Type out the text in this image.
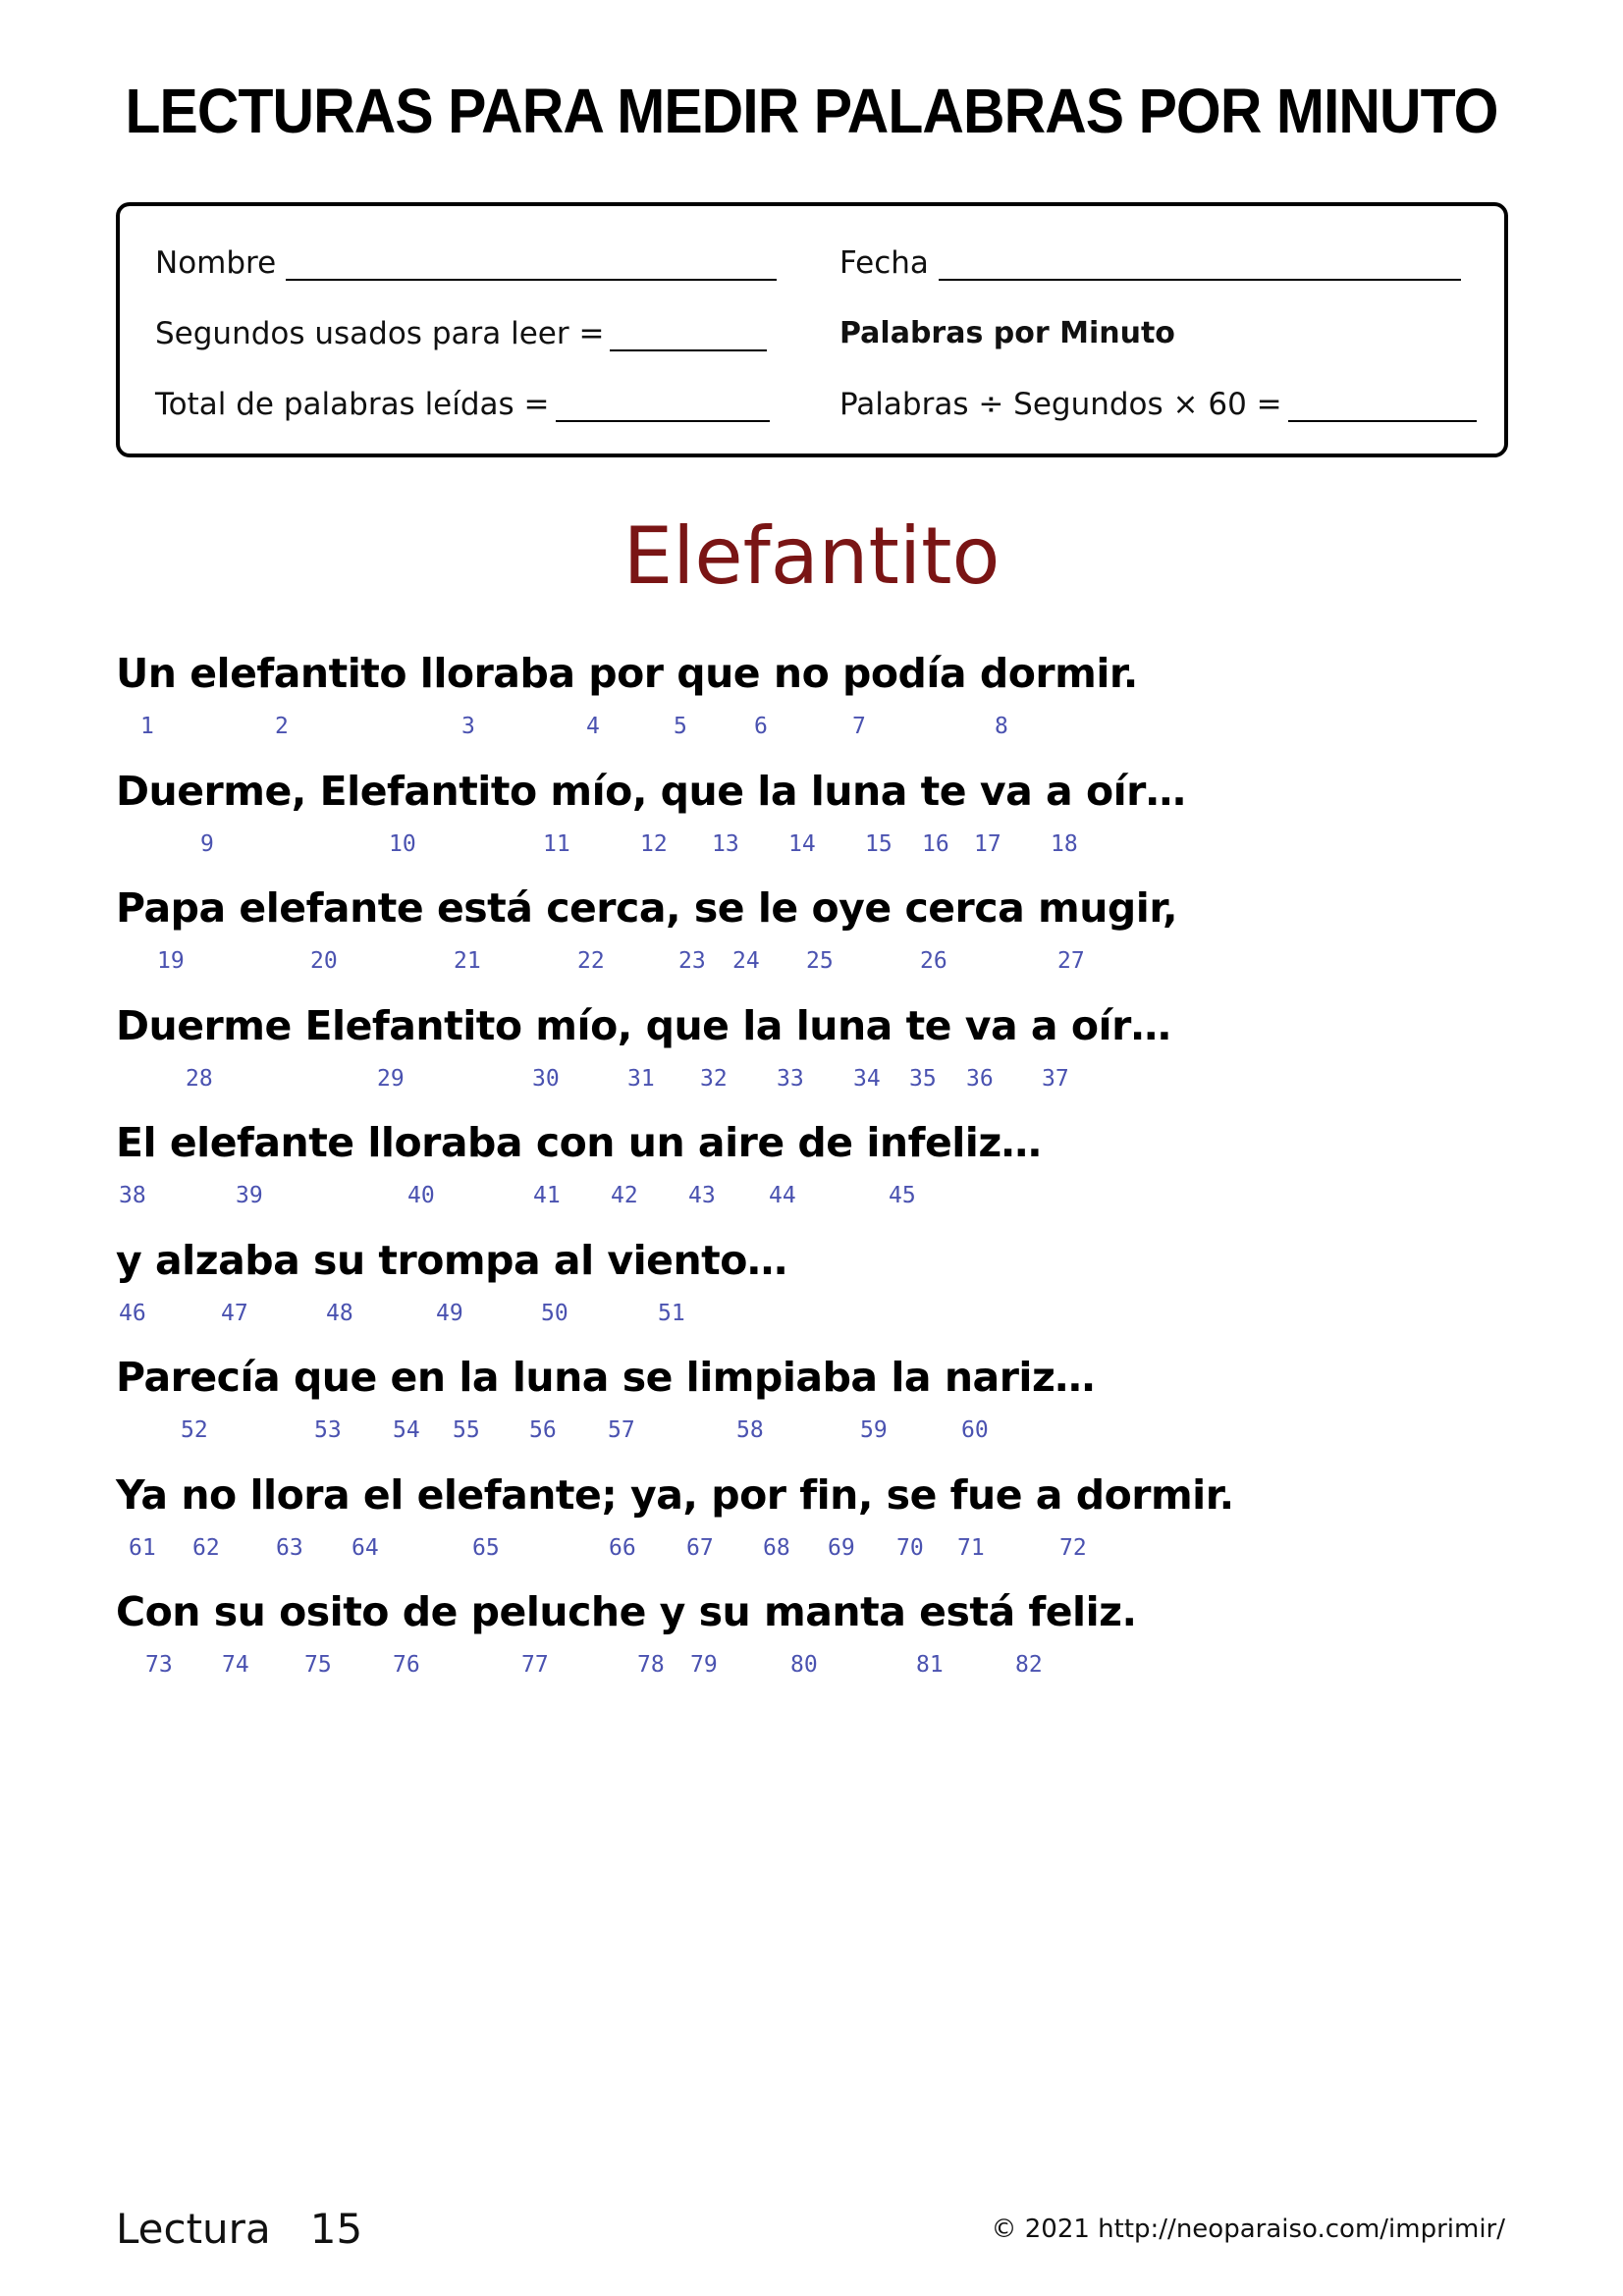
LECTURAS PARA MEDIR PALABRAS POR MINUTO
Nombre	Fecha
Segundos usados para leer =	Palabras por Minuto
Total de palabras leídas =	Palabras ÷ Segundos × 60 =
Elefantito
Un elefantito lloraba por que no podía dormir.
1	2	3	4	5	6	7	8
Duerme, Elefantito mío, que la luna te va a oír…
9	10	11	12 13 14 15 16 17 18
Papa elefante está cerca, se le oye cerca mugir,
19	20	21	22	23 24 25	26	27
Duerme Elefantito mío, que la luna te va a oír…
28	29	30	31 32 33 34 35 36 37
El elefante lloraba con un aire de infeliz…
38	39	40	41 42 43 44	45
y alzaba su trompa al viento…
46	47	48	49	50	51
Parecía que en la luna se limpiaba la nariz…
52	53 54 55 56 57	58	59	60
Ya no llora el elefante; ya, por fin, se fue a dormir.
61 62 63 64	65	66 67 68 69 70 71	72
Con su osito de peluche y su manta está feliz.
73 74 75	76	77	78 79	80	81	82
Lectura 15	© 2021 http://neoparaiso.com/imprimir/
